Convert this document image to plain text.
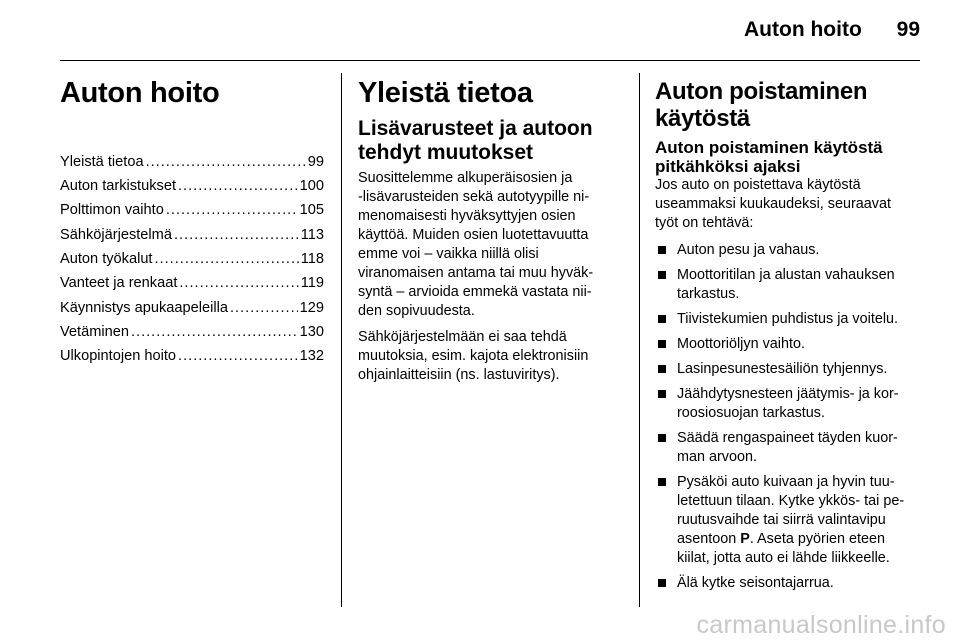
Auton hoito 99
Auton hoito
Yleistä tietoa .....	99
Auton tarkistukset .....	100
Polttimon vaihto .....	105
Sähköjärjestelmä .....	113
Auton työkalut .....	118
Vanteet ja renkaat .....	119
Käynnistys apukaapeleilla .....	129
Vetäminen .....	130
Ulkopintojen hoito .....	132
Yleistä tietoa
Lisävarusteet ja autoon
tehdyt muutokset

Suosittelemme alkuperäisosien ja
-lisävarusteiden sekä autotyypille ni-
menomaisesti hyväksyttyjen osien
käyttöä. Muiden osien luotettavuutta
emme voi – vaikka niillä olisi
viranomaisen antama tai muu hyväk-
syntä – arvioida emmekä vastata nii-
den sopivuudesta.

Sähköjärjestelmään ei saa tehdä
muutoksia, esim. kajota elektronisiin
ohjainlaitteisiin (ns. lastuviritys).

Auton poistaminen
käytöstä
Auton poistaminen käytöstä
pitkähköksi ajaksi

Jos auto on poistettava käytöstä
useammaksi kuukaudeksi, seuraavat
työt on tehtävä:

Auton pesu ja vahaus.
Moottoritilan ja alustan vahauksen
tarkastus.
Tiivistekumien puhdistus ja voitelu.
Moottoriöljyn vaihto.
Lasinpesunestesäiliön tyhjennys.
Jäähdytysnesteen jäätymis- ja kor-
roosiosuojan tarkastus.
Säädä rengaspaineet täyden kuor-
man arvoon.
Pysäköi auto kuivaan ja hyvin tuu-
letettuun tilaan. Kytke ykkös- tai pe-
ruutusvaihde tai siirrä valintavipu
asentoon P. Aseta pyörien eteen
kiilat, jotta auto ei lähde liikkeelle.
Älä kytke seisontajarrua.
carmanualsonline.info
